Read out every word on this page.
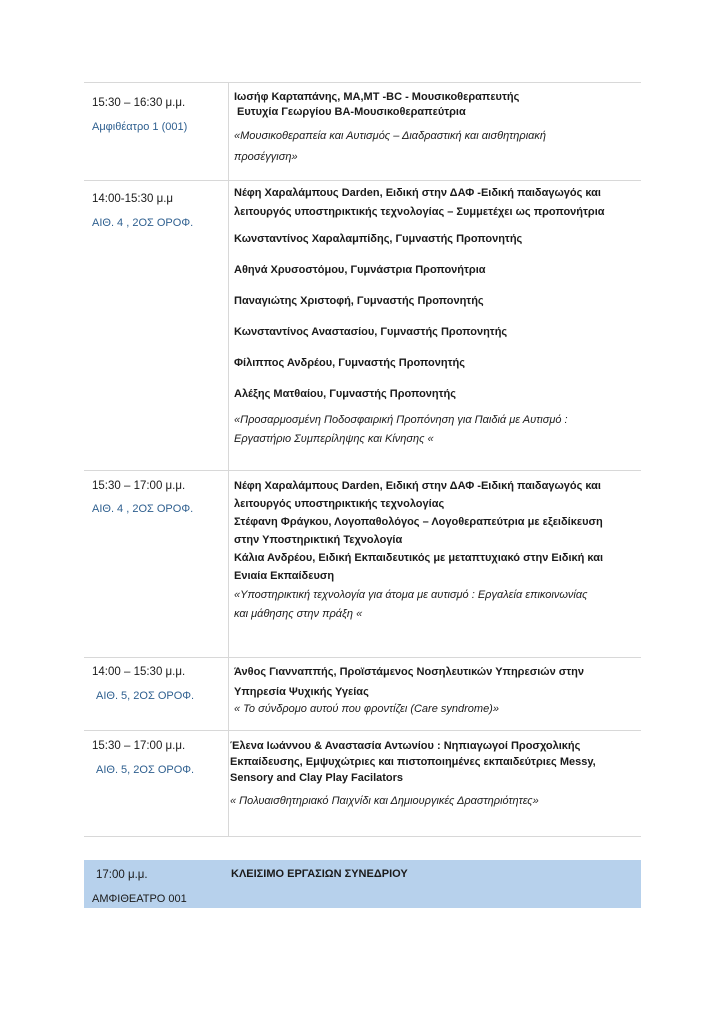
15:30 – 16:30 μ.μ.
Αμφιθέατρο 1 (001)

Ιωσήφ Καρταπάνης, ΜΑ,ΜΤ -BC - Μουσικοθεραπευτής

Ευτυχία Γεωργίου ΒΑ-Μουσικοθεραπεύτρια

«Μουσικοθεραπεία και Αυτισμός – Διαδραστική και αισθητηριακή

προσέγγιση»

14:00-15:30 μ.μ
ΑΙΘ. 4 , 2ΟΣ ΟΡΟΦ.

Νέφη Χαραλάμπους Darden, Ειδική στην ΔΑΦ -Ειδική παιδαγωγός και

λειτουργός υποστηρικτικής τεχνολογίας – Συμμετέχει ως προπονήτρια

Κωνσταντίνος Χαραλαμπίδης, Γυμναστής Προπονητής

Αθηνά Χρυσοστόμου, Γυμνάστρια Προπονήτρια

Παναγιώτης Χριστοφή, Γυμναστής Προπονητής

Κωνσταντίνος Αναστασίου, Γυμναστής Προπονητής

Φίλιππος Ανδρέου, Γυμναστής Προπονητής

Αλέξης Ματθαίου, Γυμναστής Προπονητής

«Προσαρμοσμένη Ποδοσφαιρική Προπόνηση για Παιδιά με Αυτισμό :

Εργαστήριο Συμπερίληψης και Κίνησης «

15:30 – 17:00 μ.μ.
ΑΙΘ. 4 , 2ΟΣ ΟΡΟΦ.

Νέφη Χαραλάμπους Darden, Ειδική στην ΔΑΦ -Ειδική παιδαγωγός και

λειτουργός υποστηρικτικής τεχνολογίας

Στέφανη Φράγκου, Λογοπαθολόγος – Λογοθεραπεύτρια με εξειδίκευση

στην Υποστηρικτική Τεχνολογία

Κάλια Ανδρέου, Ειδική Εκπαιδευτικός με μεταπτυχιακό στην Ειδική και

Ενιαία Εκπαίδευση

«Υποστηρικτική τεχνολογία για άτομα με αυτισμό : Εργαλεία επικοινωνίας

και μάθησης στην πράξη «

14:00 – 15:30 μ.μ.
ΑΙΘ. 5, 2ΟΣ ΟΡΟΦ.

Άνθος Γιανναππής, Προϊστάμενος Νοσηλευτικών Υπηρεσιών στην

Υπηρεσία Ψυχικής Υγείας

« Το σύνδρομο αυτού που φροντίζει (Care syndrome)»

15:30 – 17:00 μ.μ.
ΑΙΘ. 5, 2ΟΣ ΟΡΟΦ.

Έλενα Ιωάννου & Αναστασία Αντωνίου : Νηπιαγωγοί Προσχολικής

Εκπαίδευσης, Εμψυχώτριες και πιστοποιημένες εκπαιδεύτριες Messy,

Sensory and Clay Play Facilators

« Πολυαισθητηριακό Παιχνίδι και Δημιουργικές Δραστηριότητες»

17:00 μ.μ.
ΑΜΦΙΘΕΑΤΡΟ 001
ΚΛΕΙΣΙΜΟ ΕΡΓΑΣΙΩΝ ΣΥΝΕΔΡΙΟΥ
